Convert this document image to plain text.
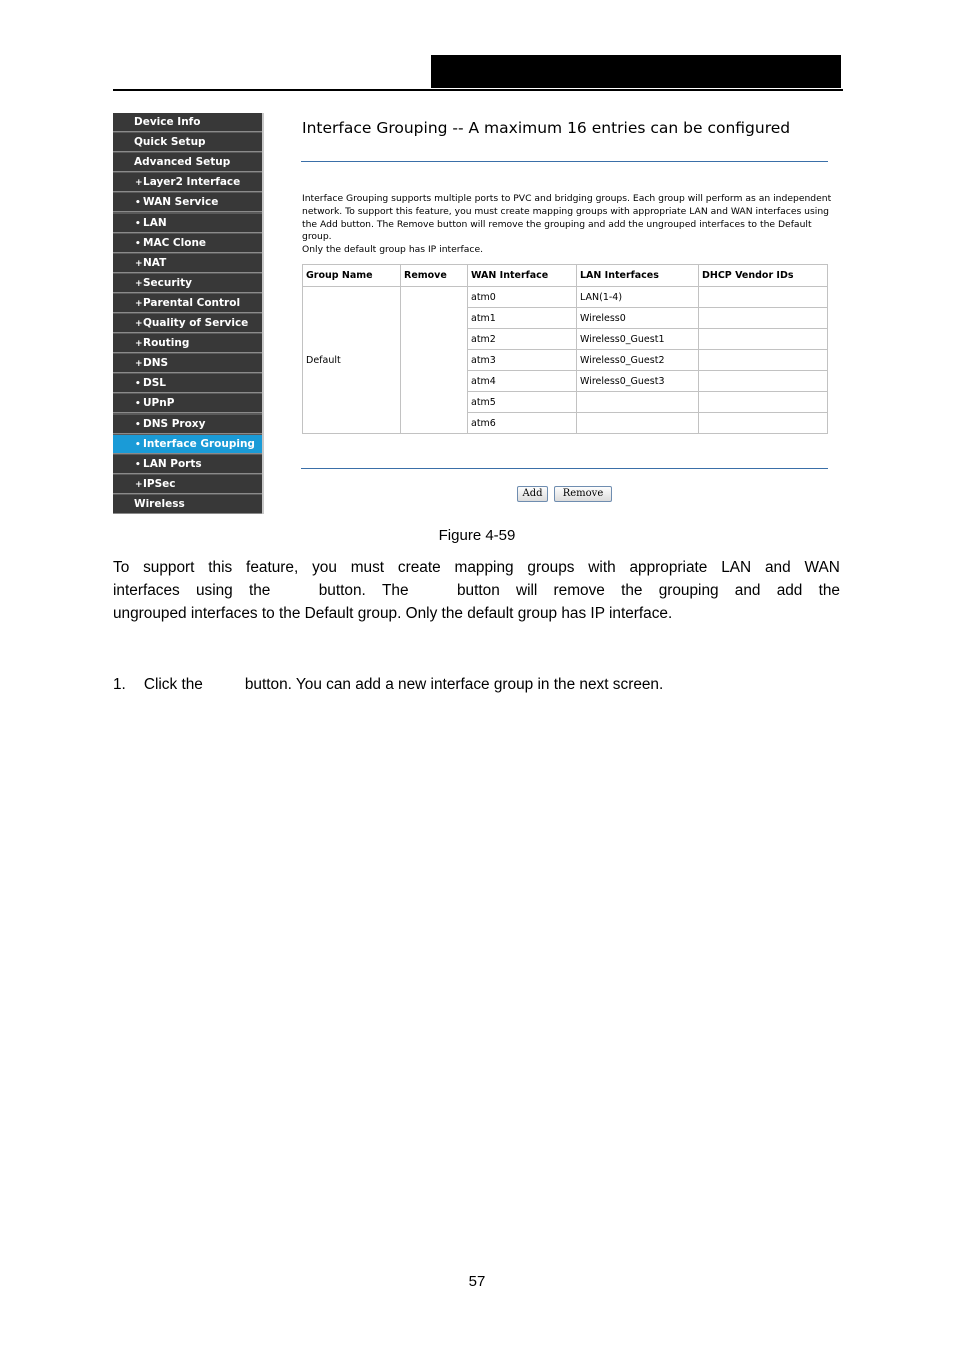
Device Info
Quick Setup
Advanced Setup
+Layer2 Interface
• WAN Service
• LAN
• MAC Clone
+NAT
+Security
+Parental Control
+Quality of Service
+Routing
+DNS
• DSL
• UPnP
• DNS Proxy
• Interface Grouping
• LAN Ports
+IPSec
Wireless
Interface Grouping -- A maximum 16 entries can be configured
Interface Grouping supports multiple ports to PVC and bridging groups. Each group will perform as an independent
network. To support this feature, you must create mapping groups with appropriate LAN and WAN interfaces using
the Add button. The Remove button will remove the grouping and add the ungrouped interfaces to the Default group.
Only the default group has IP interface.
Group Name	Remove	WAN Interface	LAN Interfaces	DHCP Vendor IDs
Default		atm0	LAN(1-4)	
		atm1	Wireless0	
		atm2	Wireless0_Guest1	
		atm3	Wireless0_Guest2	
		atm4	Wireless0_Guest3	
		atm5		
		atm6		
Add	Remove
Figure 4-59
To support this feature, you must create mapping groups with appropriate LAN and WAN
interfaces using the	button. The	button will remove the grouping and add the
ungrouped interfaces to the Default group. Only the default group has IP interface.
1. Click the	button. You can add a new interface group in the next screen.
57
